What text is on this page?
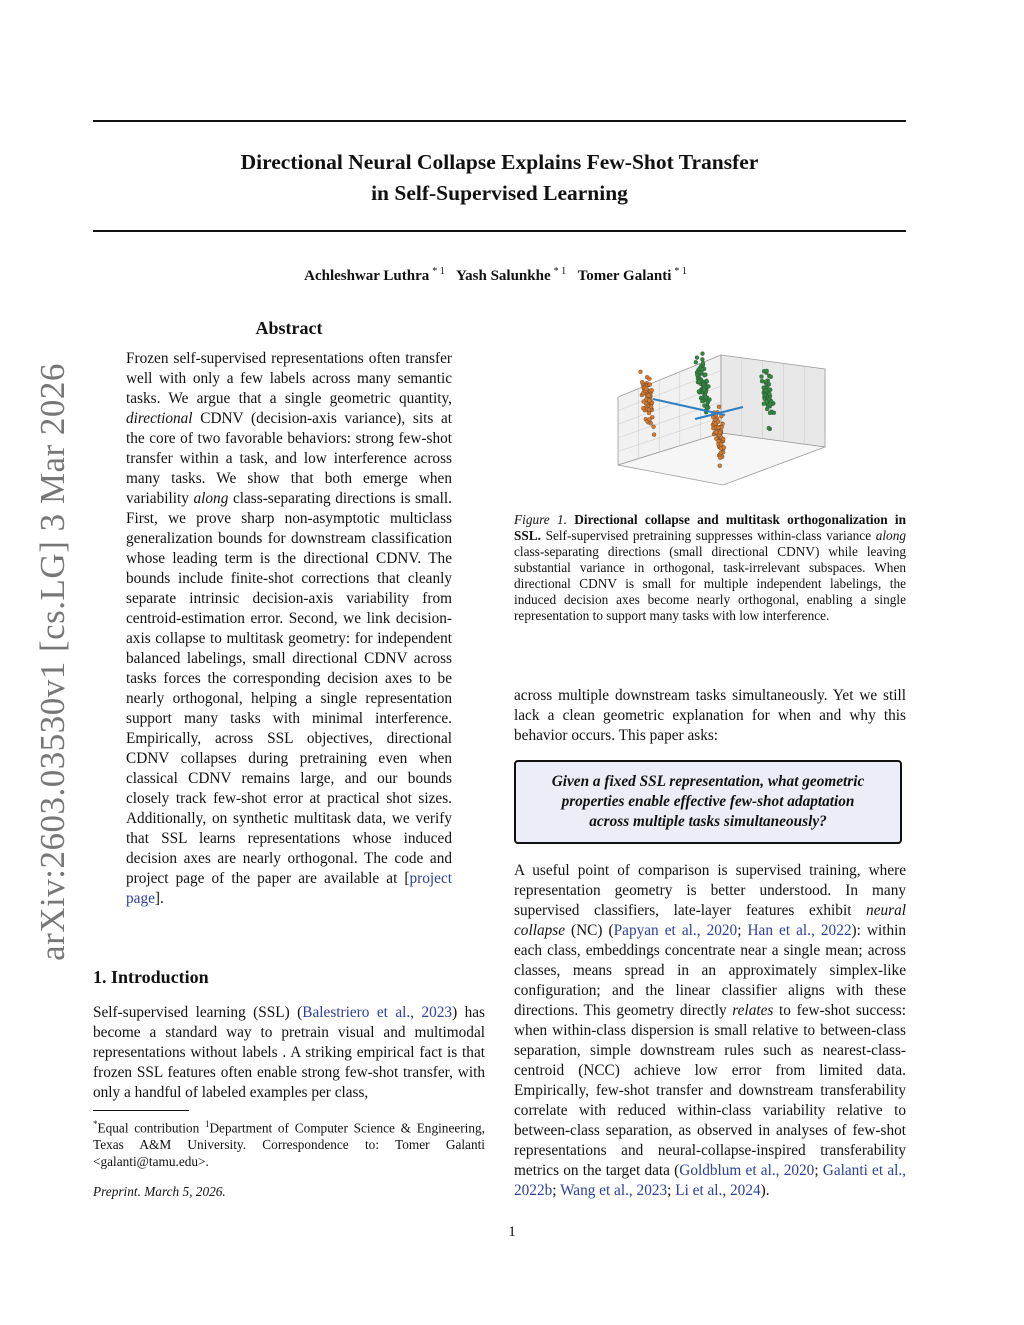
arXiv:2603.03530v1 [cs.LG] 3 Mar 2026
Directional Neural Collapse Explains Few-Shot Transfer
in Self-Supervised Learning
Achleshwar Luthra $^{* 1}$ Yash Salunkhe $^{* 1}$ Tomer Galanti $^{* 1}$
Abstract

Frozen self-supervised representations often transfer well with only a few labels across many semantic tasks. We argue that a single geometric quantity, directional CDNV (decision-axis variance), sits at the core of two favorable behaviors: strong few-shot transfer within a task, and low interference across many tasks. We show that both emerge when variability along class-separating directions is small. First, we prove sharp non-asymptotic multiclass generalization bounds for downstream classification whose leading term is the directional CDNV. The bounds include finite-shot corrections that cleanly separate intrinsic decision-axis variability from centroid-estimation error. Second, we link decision-axis collapse to multitask geometry: for independent balanced labelings, small directional CDNV across tasks forces the corresponding decision axes to be nearly orthogonal, helping a single representation support many tasks with minimal interference. Empirically, across SSL objectives, directional CDNV collapses during pretraining even when classical CDNV remains large, and our bounds closely track few-shot error at practical shot sizes. Additionally, on synthetic multitask data, we verify that SSL learns representations whose induced decision axes are nearly orthogonal. The code and project page of the paper are available at [project page].

1. Introduction

Self-supervised learning (SSL) (Balestriero et al., 2023) has become a standard way to pretrain visual and multimodal representations without labels . A striking empirical fact is that frozen SSL features often enable strong few-shot transfer, with only a handful of labeled examples per class,

*Equal contribution $^1$Department of Computer Science & Engineering, Texas A&M University. Correspondence to: Tomer Galanti <galanti@tamu.edu>.
Preprint. March 5, 2026.
Figure 1. Directional collapse and multitask orthogonalization in SSL. Self-supervised pretraining suppresses within-class variance along class-separating directions (small directional CDNV) while leaving substantial variance in orthogonal, task-irrelevant subspaces. When directional CDNV is small for multiple independent labelings, the induced decision axes become nearly orthogonal, enabling a single representation to support many tasks with low interference.

across multiple downstream tasks simultaneously. Yet we still lack a clean geometric explanation for when and why this behavior occurs. This paper asks:

Given a fixed SSL representation, what geometric properties enable effective few-shot adaptation across multiple tasks simultaneously?

A useful point of comparison is supervised training, where representation geometry is better understood. In many supervised classifiers, late-layer features exhibit neural collapse (NC) (Papyan et al., 2020; Han et al., 2022): within each class, embeddings concentrate near a single mean; across classes, means spread in an approximately simplex-like configuration; and the linear classifier aligns with these directions. This geometry directly relates to few-shot success: when within-class dispersion is small relative to between-class separation, simple downstream rules such as nearest-class-centroid (NCC) achieve low error from limited data. Empirically, few-shot transfer and downstream transferability correlate with reduced within-class variability relative to between-class separation, as observed in analyses of few-shot representations and neural-collapse-inspired transferability metrics on the target data (Goldblum et al., 2020; Galanti et al., 2022b; Wang et al., 2023; Li et al., 2024).

1
